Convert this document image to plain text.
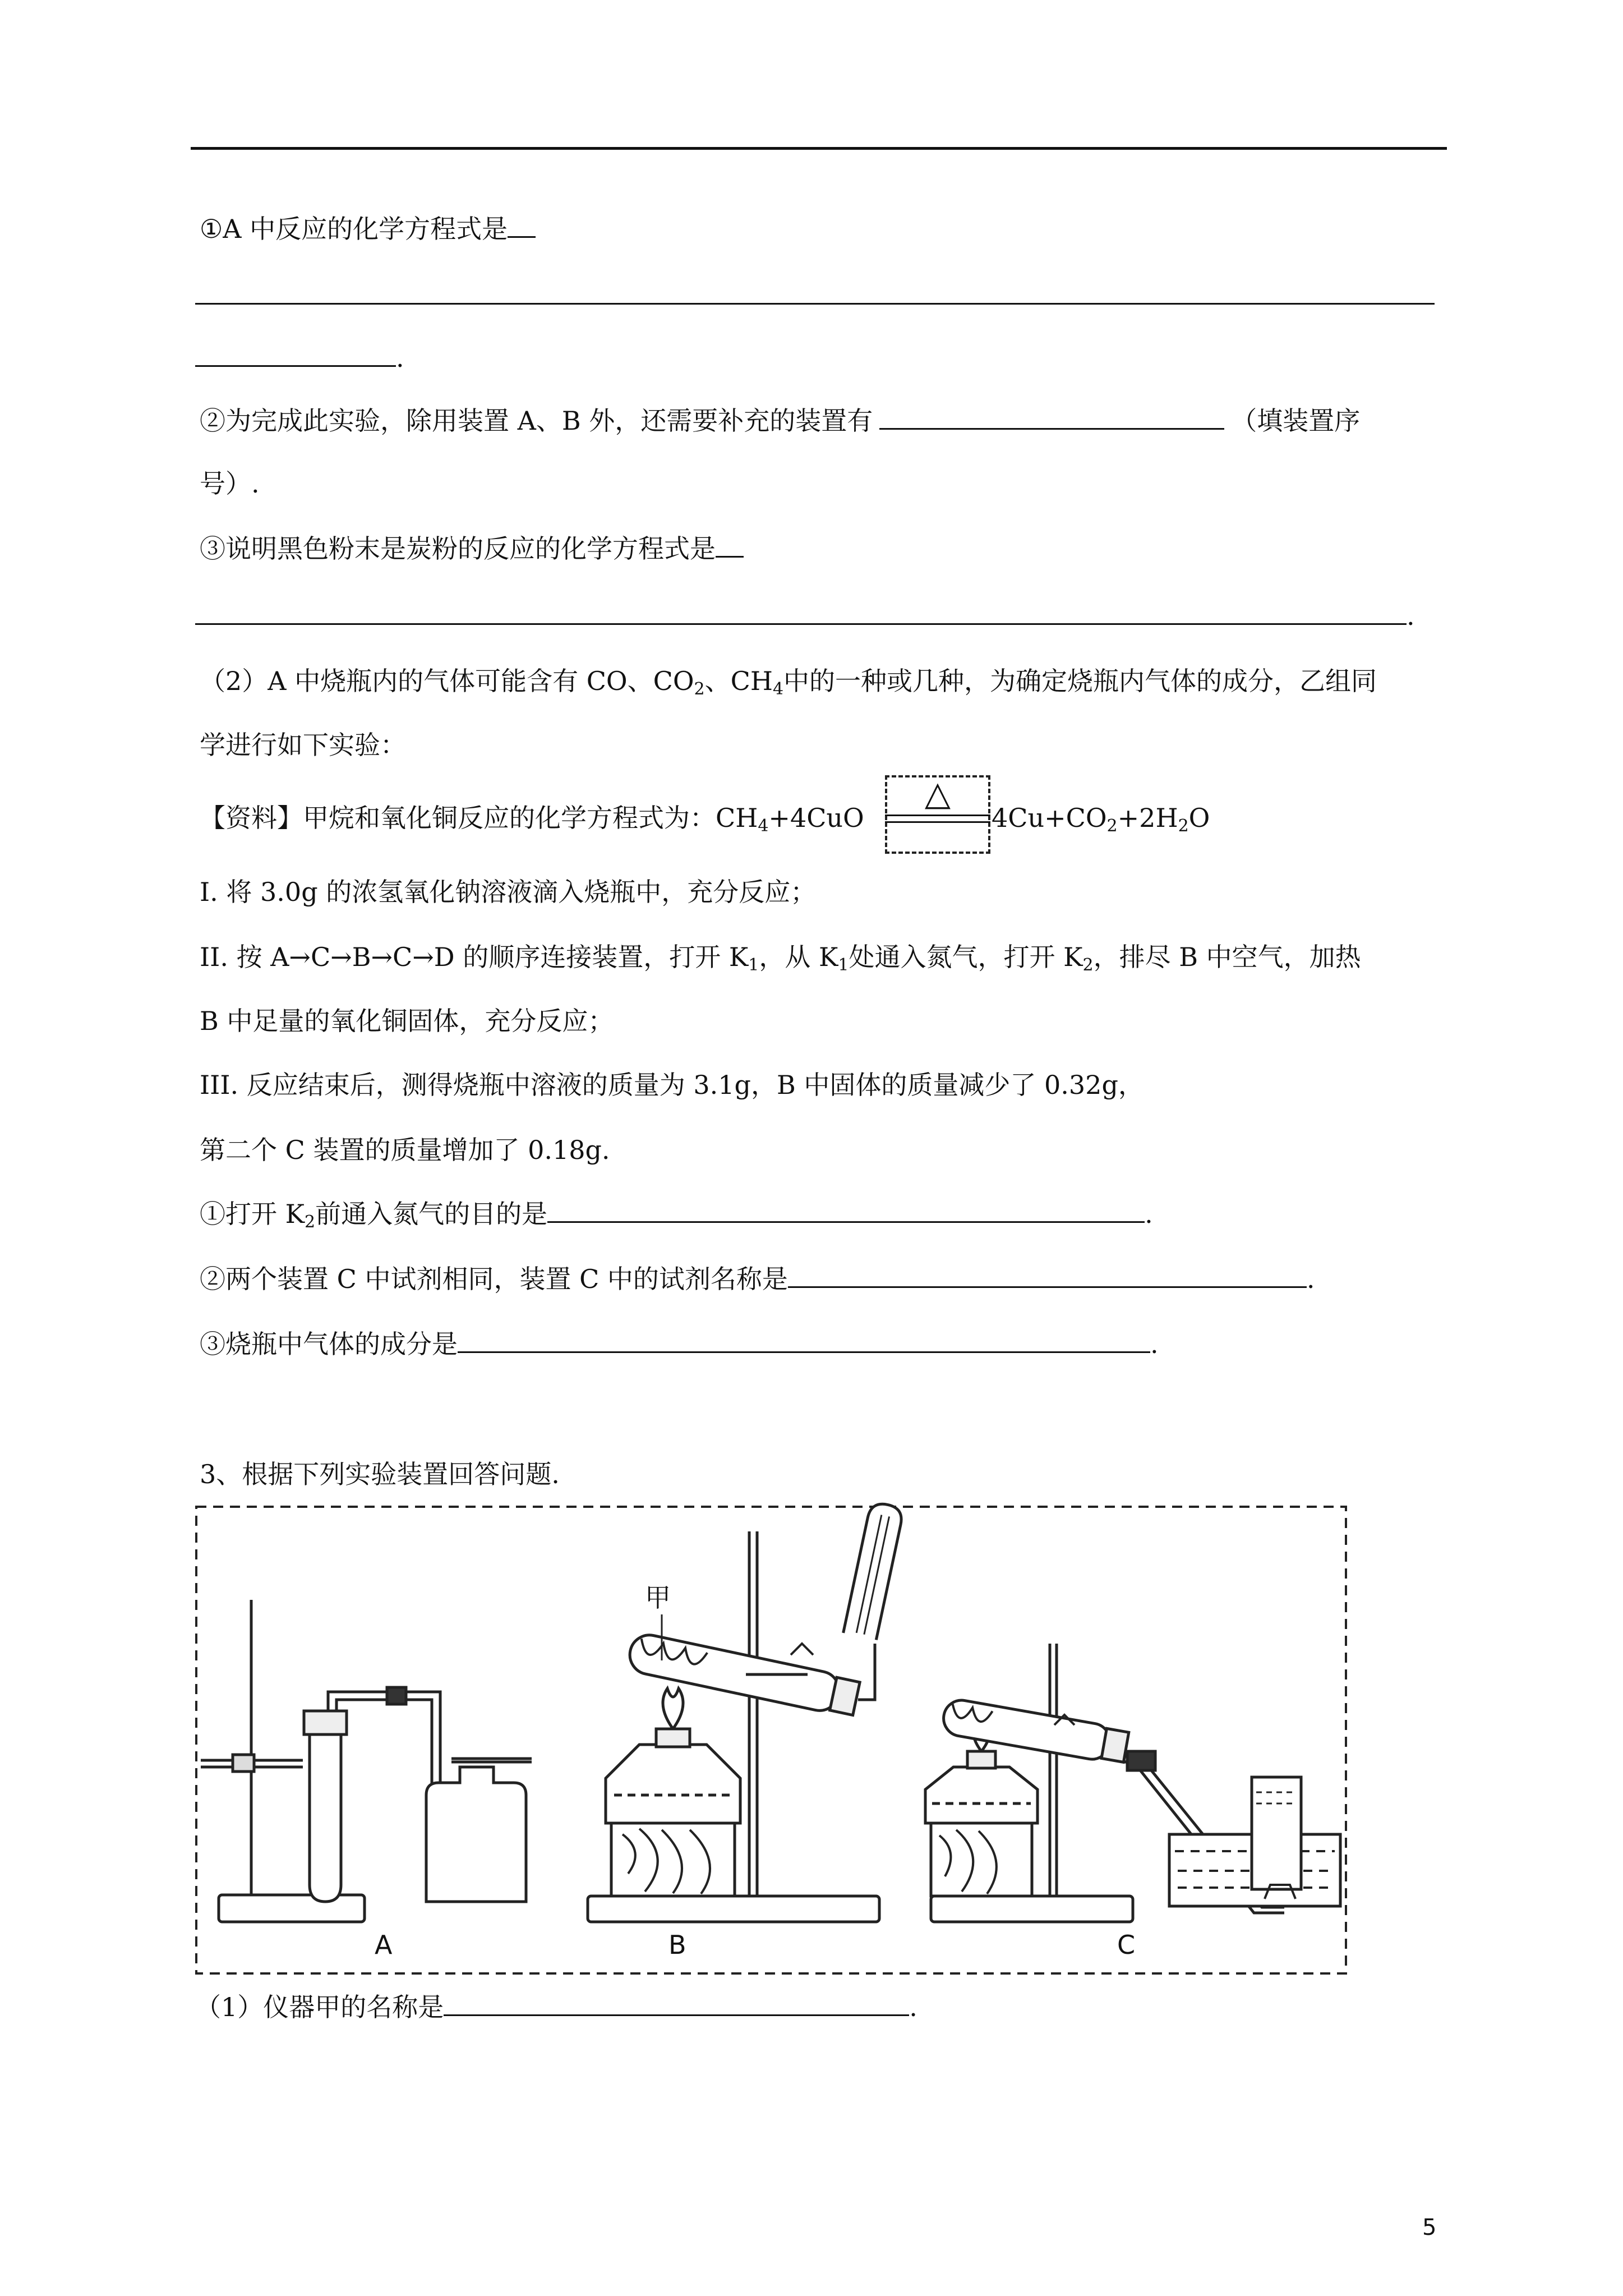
①A 中反应的化学方程式是
.
②为完成此实验，除用装置 A、B 外，还需要补充的装置有	（填装置序
号）.
③说明黑色粉末是炭粉的反应的化学方程式是
.
（2）A 中烧瓶内的气体可能含有 CO、$CO_2$、$CH_4$中的一种或几种，为确定烧瓶内气体的成分，乙组同
学进行如下实验：
【资料】甲烷和氧化铜反应的化学方程式为：$CH_4+4CuO$
△
$4Cu+CO_2+2H_2O$
I. 将 3.0g 的浓氢氧化钠溶液滴入烧瓶中，充分反应；
II. 按 A→C→B→C→D 的顺序连接装置，打开 $K_1$，从 $K_1$处通入氮气，打开 $K_2$，排尽 B 中空气，加热
B 中足量的氧化铜固体，充分反应；
III. 反应结束后，测得烧瓶中溶液的质量为 3.1g，B 中固体的质量减少了 0.32g，
第二个 C 装置的质量增加了 0.18g.
①打开 $K_2$前通入氮气的目的是	.
②两个装置 C 中试剂相同，装置 C 中的试剂名称是	.
③烧瓶中气体的成分是	.
3、根据下列实验装置回答问题.
甲
A	B	C
（1）仪器甲的名称是	.
5
